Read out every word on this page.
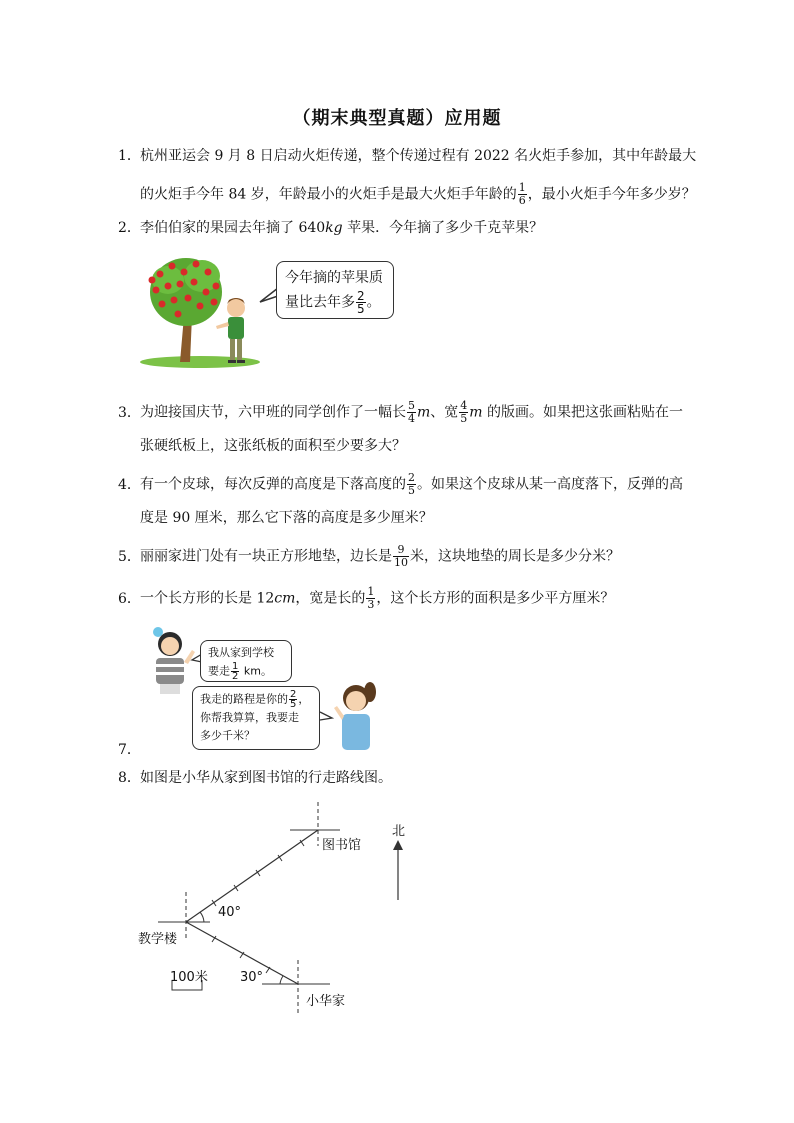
（期末典型真题）应用题
1．杭州亚运会 9 月 8 日启动火炬传递，整个传递过程有 2022 名火炬手参加，其中年龄最大
的火炬手今年 84 岁，年龄最小的火炬手是最大火炬手年龄的 $\frac{1}{6}$ ，最小火炬手今年多少岁？
2．李伯伯家的果园去年摘了 640kg 苹果．今年摘了多少千克苹果？
今年摘的苹果质
量比去年多 $\frac{2}{5}$ 。
3．为迎接国庆节，六甲班的同学创作了一幅长 $\frac{5}{4}$ m、宽 $\frac{4}{5}$ m 的版画。如果把这张画粘贴在一
张硬纸板上，这张纸板的面积至少要多大？
4．有一个皮球，每次反弹的高度是下落高度的 $\frac{2}{5}$ 。如果这个皮球从某一高度落下，反弹的高
度是 90 厘米，那么它下落的高度是多少厘米？
5．丽丽家进门处有一块正方形地垫，边长是 $\frac{9}{10}$ 米，这块地垫的周长是多少分米？
6．一个长方形的长是 12cm，宽是长的 $\frac{1}{3}$ ，这个长方形的面积是多少平方厘米？
我从家到学校
要走 $\frac{1}{2}$ km。
我走的路程是你的 $\frac{2}{5}$ ，
你帮我算算，我要走
多少千米？
7．
8．如图是小华从家到图书馆的行走路线图。
图书馆
北
教学楼
40°
30°
100米
小华家
